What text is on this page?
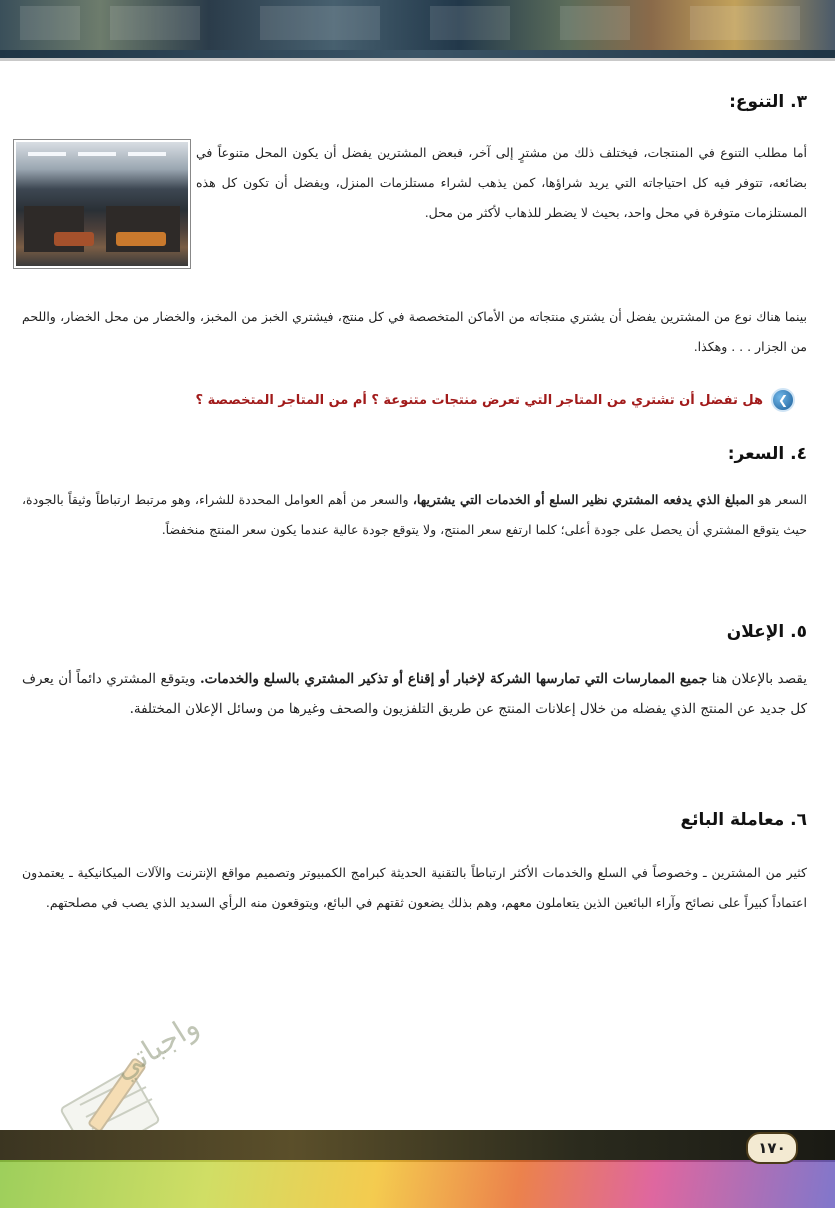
٣. التنوع:
أما مطلب التنوع في المنتجات، فيختلف ذلك من مشترٍ إلى آخر، فبعض المشترين يفضل أن يكون المحل متنوعاً في بضائعه، تتوفر فيه كل احتياجاته التي يريد شراؤها، كمن يذهب لشراء مستلزمات المنزل، ويفضل أن تكون كل هذه المستلزمات متوفرة في محل واحد، بحيث لا يضطر للذهاب لأكثر من محل.
بينما هناك نوع من المشترين يفضل أن يشتري منتجاته من الأماكن المتخصصة في كل منتج، فيشتري الخبز من المخبز، والخضار من محل الخضار، واللحم من الجزار . . . وهكذا.
❯
هل تفضل أن تشتري من المتاجر التي تعرض منتجات متنوعة ؟ أم من المتاجر المتخصصة ؟
٤. السعر:
السعر هو المبلغ الذي يدفعه المشتري نظير السلع أو الخدمات التي يشتريها، والسعر من أهم العوامل المحددة للشراء، وهو مرتبط ارتباطاً وثيقاً بالجودة، حيث يتوقع المشتري أن يحصل على جودة أعلى؛ كلما ارتفع سعر المنتج، ولا يتوقع جودة عالية عندما يكون سعر المنتج منخفضاً.
٥. الإعلان
يقصد بالإعلان هنا جميع الممارسات التي تمارسها الشركة لإخبار أو إقناع أو تذكير المشتري بالسلع والخدمات. ويتوقع المشتري دائماً أن يعرف كل جديد عن المنتج الذي يفضله من خلال إعلانات المنتج عن طريق التلفزيون والصحف وغيرها من وسائل الإعلان المختلفة.
٦. معاملة البائع
كثير من المشترين ـ وخصوصاً في السلع والخدمات الأكثر ارتباطاً بالتقنية الحديثة كبرامج الكمبيوتر وتصميم مواقع الإنترنت والآلات الميكانيكية ـ يعتمدون اعتماداً كبيراً على نصائح وآراء البائعين الذين يتعاملون معهم، وهم بذلك يضعون ثقتهم في البائع، ويتوقعون منه الرأي السديد الذي يصب في مصلحتهم.
واجباتي
١٧٠
